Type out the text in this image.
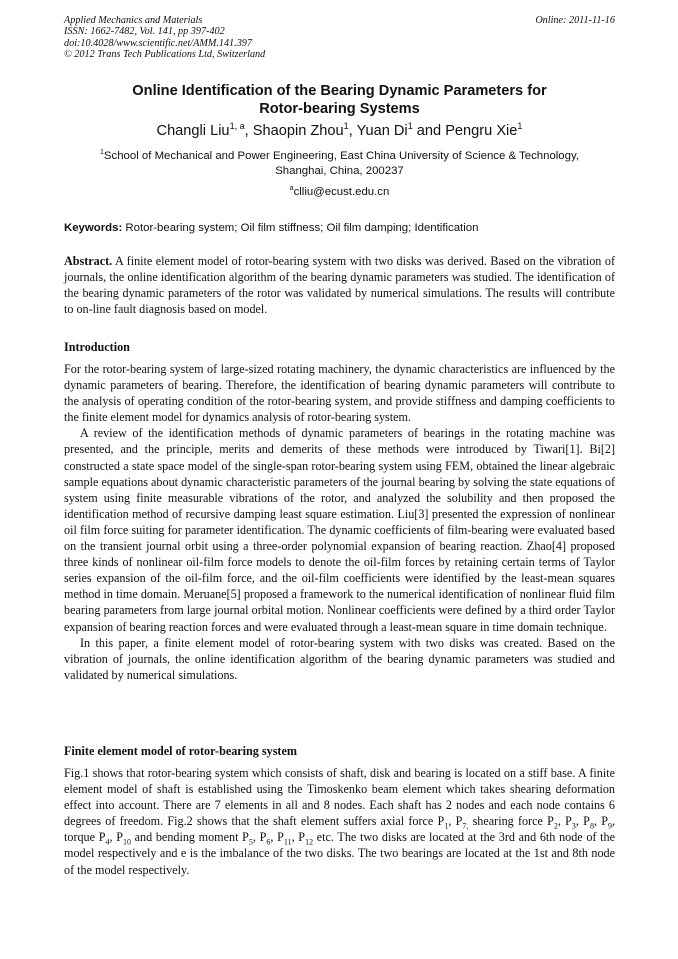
Applied Mechanics and Materials
ISSN: 1662-7482, Vol. 141, pp 397-402
doi:10.4028/www.scientific.net/AMM.141.397
© 2012 Trans Tech Publications Ltd, Switzerland
Online: 2011-11-16
Online Identification of the Bearing Dynamic Parameters for
Rotor-bearing Systems
Changli Liu$^{1, a}$, Shaopin Zhou$^1$, Yuan Di$^1$ and Pengru Xie$^1$
$^1$School of Mechanical and Power Engineering, East China University of Science & Technology,
Shanghai, China, 200237
$^a$clliu@ecust.edu.cn
Keywords: Rotor-bearing system; Oil film stiffness; Oil film damping; Identification

Abstract. A finite element model of rotor-bearing system with two disks was derived. Based on the vibration of journals, the online identification algorithm of the bearing dynamic parameters was studied. The identification of the bearing dynamic parameters of the rotor was validated by numerical simulations. The results will contribute to on-line fault diagnosis based on model.

Introduction

For the rotor-bearing system of large-sized rotating machinery, the dynamic characteristics are influenced by the dynamic parameters of bearing. Therefore, the identification of bearing dynamic parameters will contribute to the analysis of operating condition of the rotor-bearing system, and provide stiffness and damping coefficients to the finite element model for dynamics analysis of rotor-bearing system.

A review of the identification methods of dynamic parameters of bearings in the rotating machine was presented, and the principle, merits and demerits of these methods were introduced by Tiwari[1]. Bi[2] constructed a state space model of the single-span rotor-bearing system using FEM, obtained the linear algebraic sample equations about dynamic characteristic parameters of the journal bearing by solving the state equations of system using finite measurable vibrations of the rotor, and analyzed the solubility and then proposed the identification method of recursive damping least square estimation. Liu[3] presented the expression of nonlinear oil film force suiting for parameter identification. The dynamic coefficients of film-bearing were evaluated based on the transient journal orbit using a three-order polynomial expansion of bearing reaction. Zhao[4] proposed three kinds of nonlinear oil-film force models to denote the oil-film forces by retaining certain terms of Taylor series expansion of the oil-film force, and the oil-film coefficients were identified by the least-mean squares method in time domain. Meruane[5] proposed a framework to the numerical identification of nonlinear fluid film bearing parameters from large journal orbital motion. Nonlinear coefficients were defined by a third order Taylor expansion of bearing reaction forces and were evaluated through a least-mean square in time domain technique.

In this paper, a finite element model of rotor-bearing system with two disks was created. Based on the vibration of journals, the online identification algorithm of the bearing dynamic parameters was studied and validated by numerical simulations.

Finite element model of rotor-bearing system

Fig.1 shows that rotor-bearing system which consists of shaft, disk and bearing is located on a stiff base. A finite element model of shaft is established using the Timoskenko beam element which takes shearing deformation effect into account. There are 7 elements in all and 8 nodes. Each shaft has 2 nodes and each node contains 6 degrees of freedom. Fig.2 shows that the shaft element suffers axial force $P_1$, $P_{7,}$ shearing force $P_2$, $P_3$, $P_8$, $P_9$, torque $P_4$, $P_{10}$ and bending moment $P_5$, $P_6$, $P_{11}$, $P_{12}$ etc. The two disks are located at the 3rd and 6th node of the model respectively and e is the imbalance of the two disks. The two bearings are located at the 1st and 8th node of the model respectively.
